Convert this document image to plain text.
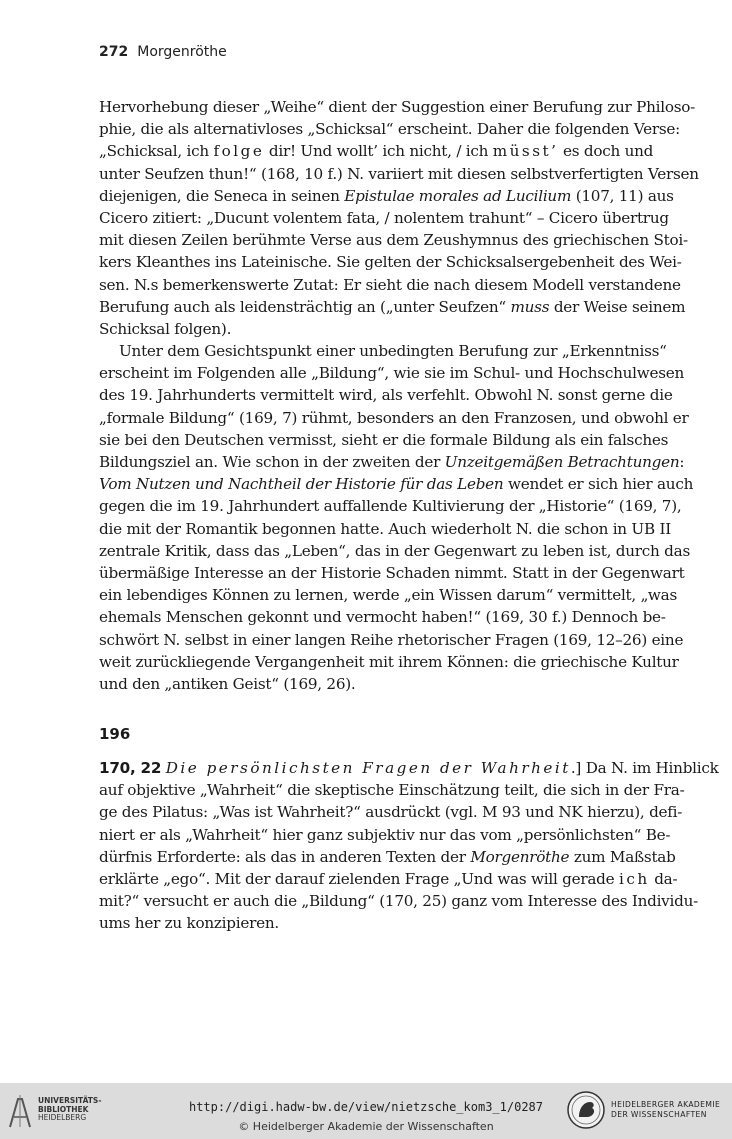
272 Morgenröthe

Hervorhebung dieser „Weihe“ dient der Suggestion einer Berufung zur Philoso-
phie, die als alternativloses „Schicksal“ erscheint. Daher die folgenden Verse:
„Schicksal, ich folge dir! Und wollt’ ich nicht, / ich müsst’ es doch und
unter Seufzen thun!“ (168, 10 f.) N. variiert mit diesen selbstverfertigten Versen
diejenigen, die Seneca in seinen Epistulae morales ad Lucilium (107, 11) aus
Cicero zitiert: „Ducunt volentem fata, / nolentem trahunt“ – Cicero übertrug
mit diesen Zeilen berühmte Verse aus dem Zeushymnus des griechischen Stoi-
kers Kleanthes ins Lateinische. Sie gelten der Schicksalsergebenheit des Wei-
sen. N.s bemerkenswerte Zutat: Er sieht die nach diesem Modell verstandene
Berufung auch als leidensträchtig an („unter Seufzen“ muss der Weise seinem
Schicksal folgen).

Unter dem Gesichtspunkt einer unbedingten Berufung zur „Erkenntniss“
erscheint im Folgenden alle „Bildung“, wie sie im Schul- und Hochschulwesen
des 19. Jahrhunderts vermittelt wird, als verfehlt. Obwohl N. sonst gerne die
„formale Bildung“ (169, 7) rühmt, besonders an den Franzosen, und obwohl er
sie bei den Deutschen vermisst, sieht er die formale Bildung als ein falsches
Bildungsziel an. Wie schon in der zweiten der Unzeitgemäßen Betrachtungen:
Vom Nutzen und Nachtheil der Historie für das Leben wendet er sich hier auch
gegen die im 19. Jahrhundert auffallende Kultivierung der „Historie“ (169, 7),
die mit der Romantik begonnen hatte. Auch wiederholt N. die schon in UB II
zentrale Kritik, dass das „Leben“, das in der Gegenwart zu leben ist, durch das
übermäßige Interesse an der Historie Schaden nimmt. Statt in der Gegenwart
ein lebendiges Können zu lernen, werde „ein Wissen darum“ vermittelt, „was
ehemals Menschen gekonnt und vermocht haben!“ (169, 30 f.) Dennoch be-
schwört N. selbst in einer langen Reihe rhetorischer Fragen (169, 12–26) eine
weit zurückliegende Vergangenheit mit ihrem Können: die griechische Kultur
und den „antiken Geist“ (169, 26).

196

170, 22 Die persönlichsten Fragen der Wahrheit.] Da N. im Hinblick

auf objektive „Wahrheit“ die skeptische Einschätzung teilt, die sich in der Fra-
ge des Pilatus: „Was ist Wahrheit?“ ausdrückt (vgl. M 93 und NK hierzu), defi-
niert er als „Wahrheit“ hier ganz subjektiv nur das vom „persönlichsten“ Be-
dürfnis Erforderte: als das in anderen Texten der Morgenröthe zum Maßstab
erklärte „ego“. Mit der darauf zielenden Frage „Und was will gerade ich da-
mit?“ versucht er auch die „Bildung“ (170, 25) ganz vom Interesse des Individu-
ums her zu konzipieren.

UNIVERSITÄTS-
BIBLIOTHEK
HEIDELBERG
http://digi.hadw-bw.de/view/nietzsche_kom3_1/0287
© Heidelberger Akademie der Wissenschaften
HEIDELBERGER AKADEMIE
DER WISSENSCHAFTEN
